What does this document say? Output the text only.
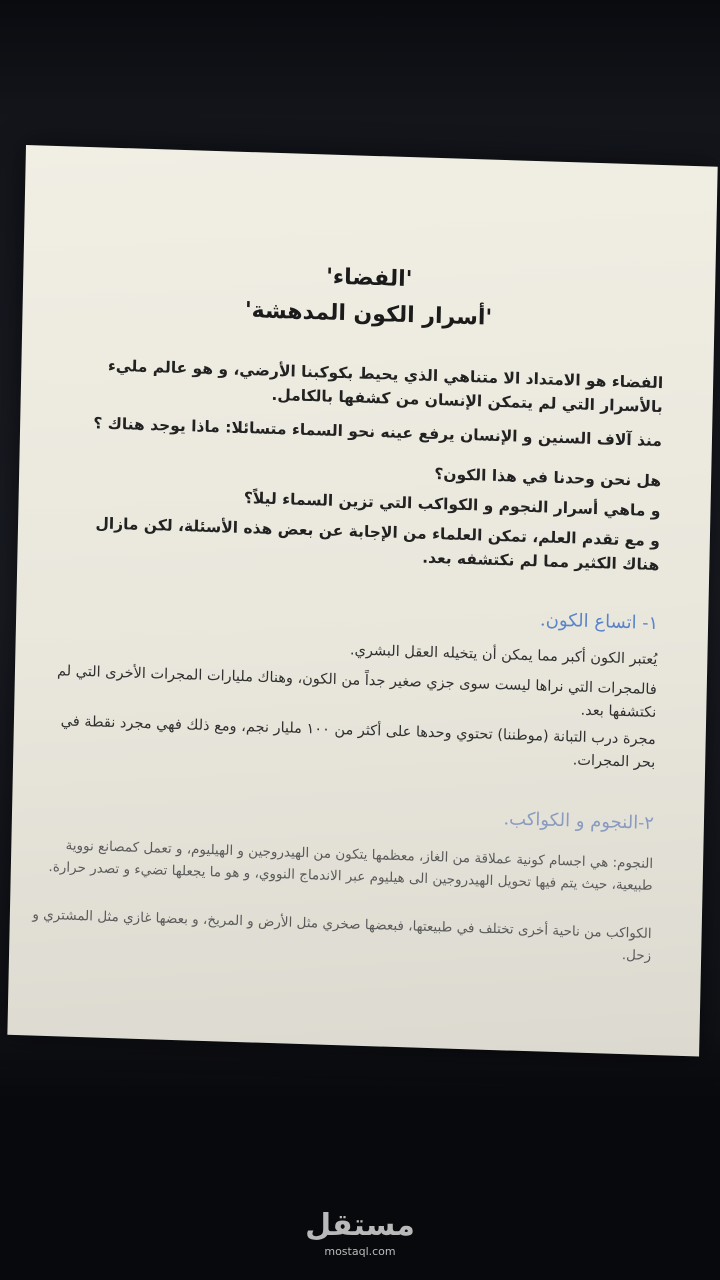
'الفضاء'
'أسرار الكون المدهشة'
الفضاء هو الامتداد الا متناهي الذي يحيط بكوكبنا الأرضي، و هو عالم مليء بالأسرار التي لم يتمكن الإنسان من كشفها بالكامل.
منذ آلاف السنين و الإنسان يرفع عينه نحو السماء متسائلا: ماذا يوجد هناك ؟
هل نحن وحدنا في هذا الكون؟
و ماهي أسرار النجوم و الكواكب التي تزين السماء ليلاً؟
و مع تقدم العلم، تمكن العلماء من الإجابة عن بعض هذه الأسئلة، لكن مازال هناك الكثير مما لم نكتشفه بعد.
١- اتساع الكون.
يُعتبر الكون أكبر مما يمكن أن يتخيله العقل البشري.
فالمجرات التي نراها ليست سوى جزي صغير جداً من الكون، وهناك مليارات المجرات الأخرى التي لم نكتشفها بعد.
مجرة درب التبانة (موطننا) تحتوي وحدها على أكثر من ١٠٠ مليار نجم، ومع ذلك فهي مجرد نقطة في بحر المجرات.
٢-النجوم و الكواكب.
النجوم: هي اجسام كونية عملاقة من الغاز، معظمها يتكون من الهيدروجين و الهيليوم، و تعمل كمصانع نووية طبيعية، حيث يتم فيها تحويل الهيدروجين الى هيليوم عبر الاندماج النووي، و هو ما يجعلها تضيء و تصدر حرارة.
الكواكب من ناحية أخرى تختلف في طبيعتها، فبعضها صخري مثل الأرض و المريخ، و بعضها غازي مثل المشتري و زحل.
مستقل
mostaql.com
